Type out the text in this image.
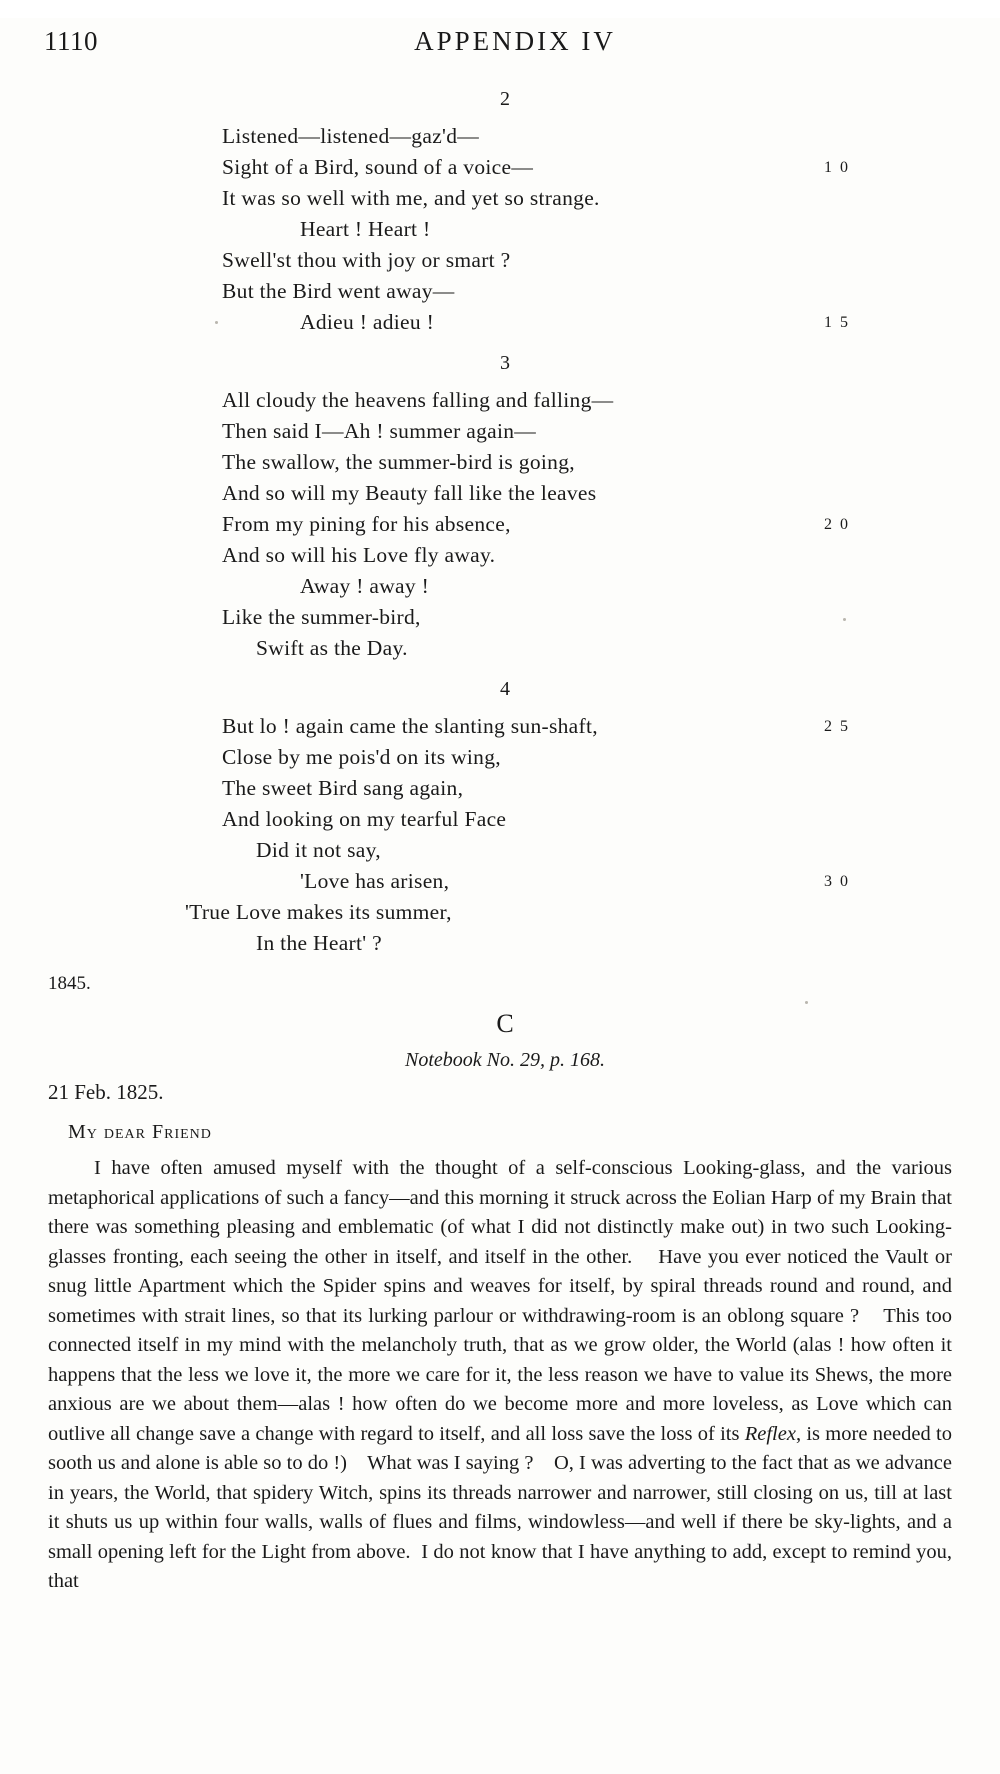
1110	APPENDIX IV
2
Listened—listened—gaz'd—
Sight of a Bird, sound of a voice—	1 0
It was so well with me, and yet so strange.
Heart ! Heart !
Swell'st thou with joy or smart ?
But the Bird went away—
Adieu ! adieu !	1 5
3
All cloudy the heavens falling and falling—
Then said I—Ah ! summer again—
The swallow, the summer-bird is going,
And so will my Beauty fall like the leaves
From my pining for his absence,	2 0
And so will his Love fly away.
Away ! away !
Like the summer-bird,
Swift as the Day.
4
But lo ! again came the slanting sun-shaft,	2 5
Close by me pois'd on its wing,
The sweet Bird sang again,
And looking on my tearful Face
Did it not say,
'Love has arisen,	3 0
'True Love makes its summer,
In the Heart' ?
1845.
C
Notebook No. 29, p. 168.
21 Feb. 1825.
My dear Friend

I have often amused myself with the thought of a self-conscious Looking-glass, and the various metaphorical applications of such a fancy—and this morning it struck across the Eolian Harp of my Brain that there was something pleasing and emblematic (of what I did not distinctly make out) in two such Looking-glasses fronting, each seeing the other in itself, and itself in the other.    Have you ever noticed the Vault or snug little Apartment which the Spider spins and weaves for itself, by spiral threads round and round, and sometimes with strait lines, so that its lurking parlour or withdrawing-room is an oblong square ?    This too connected itself in my mind with the melancholy truth, that as we grow older, the World (alas ! how often it happens that the less we love it, the more we care for it, the less reason we have to value its Shews, the more anxious are we about them—alas ! how often do we become more and more loveless, as Love which can outlive all change save a change with regard to itself, and all loss save the loss of its Reflex, is more needed to sooth us and alone is able so to do !)    What was I saying ?    O, I was adverting to the fact that as we advance in years, the World, that spidery Witch, spins its threads narrower and narrower, still closing on us, till at last it shuts us up within four walls, walls of flues and films, windowless—and well if there be sky-lights, and a small opening left for the Light from above.  I do not know that I have anything to add, except to remind you, that
